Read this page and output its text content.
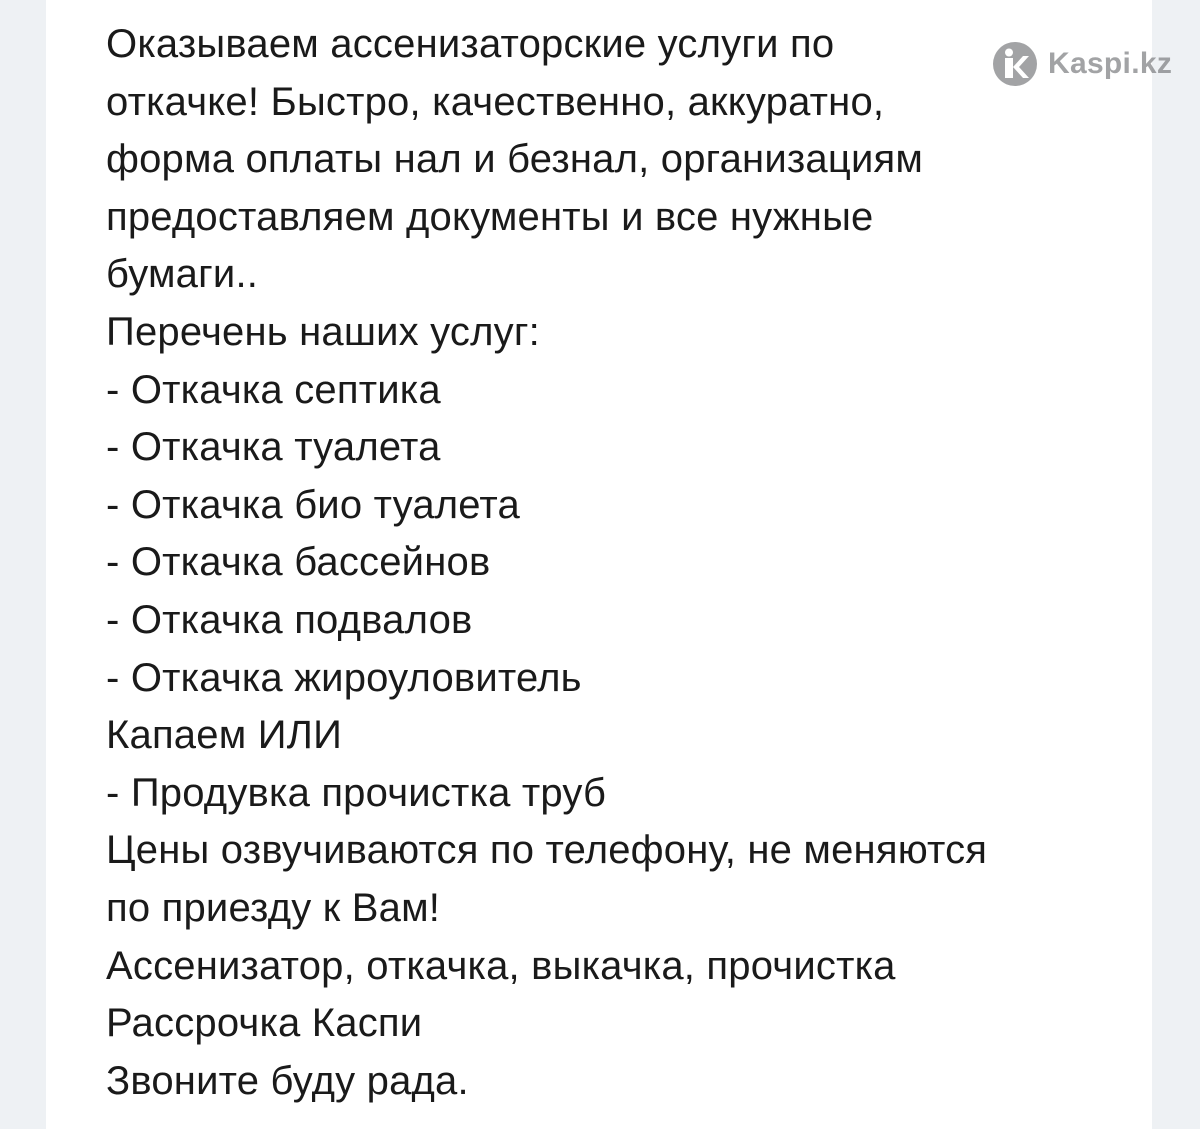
Оказываем ассенизаторские услуги по
откачке! Быстро, качественно, аккуратно,
форма оплаты нал и безнал, организациям
предоставляем документы и все нужные
бумаги..
Перечень наших услуг:
- Откачка септика
- Откачка туалета
- Откачка био туалета
- Откачка бассейнов
- Откачка подвалов
- Откачка жироуловитель
Капаем ИЛИ
- Продувка прочистка труб
Цены озвучиваются по телефону, не меняются
по приезду к Вам!
Ассенизатор, откачка, выкачка, прочистка
Рассрочка Каспи
Звоните буду рада.
Kaspi.kz
